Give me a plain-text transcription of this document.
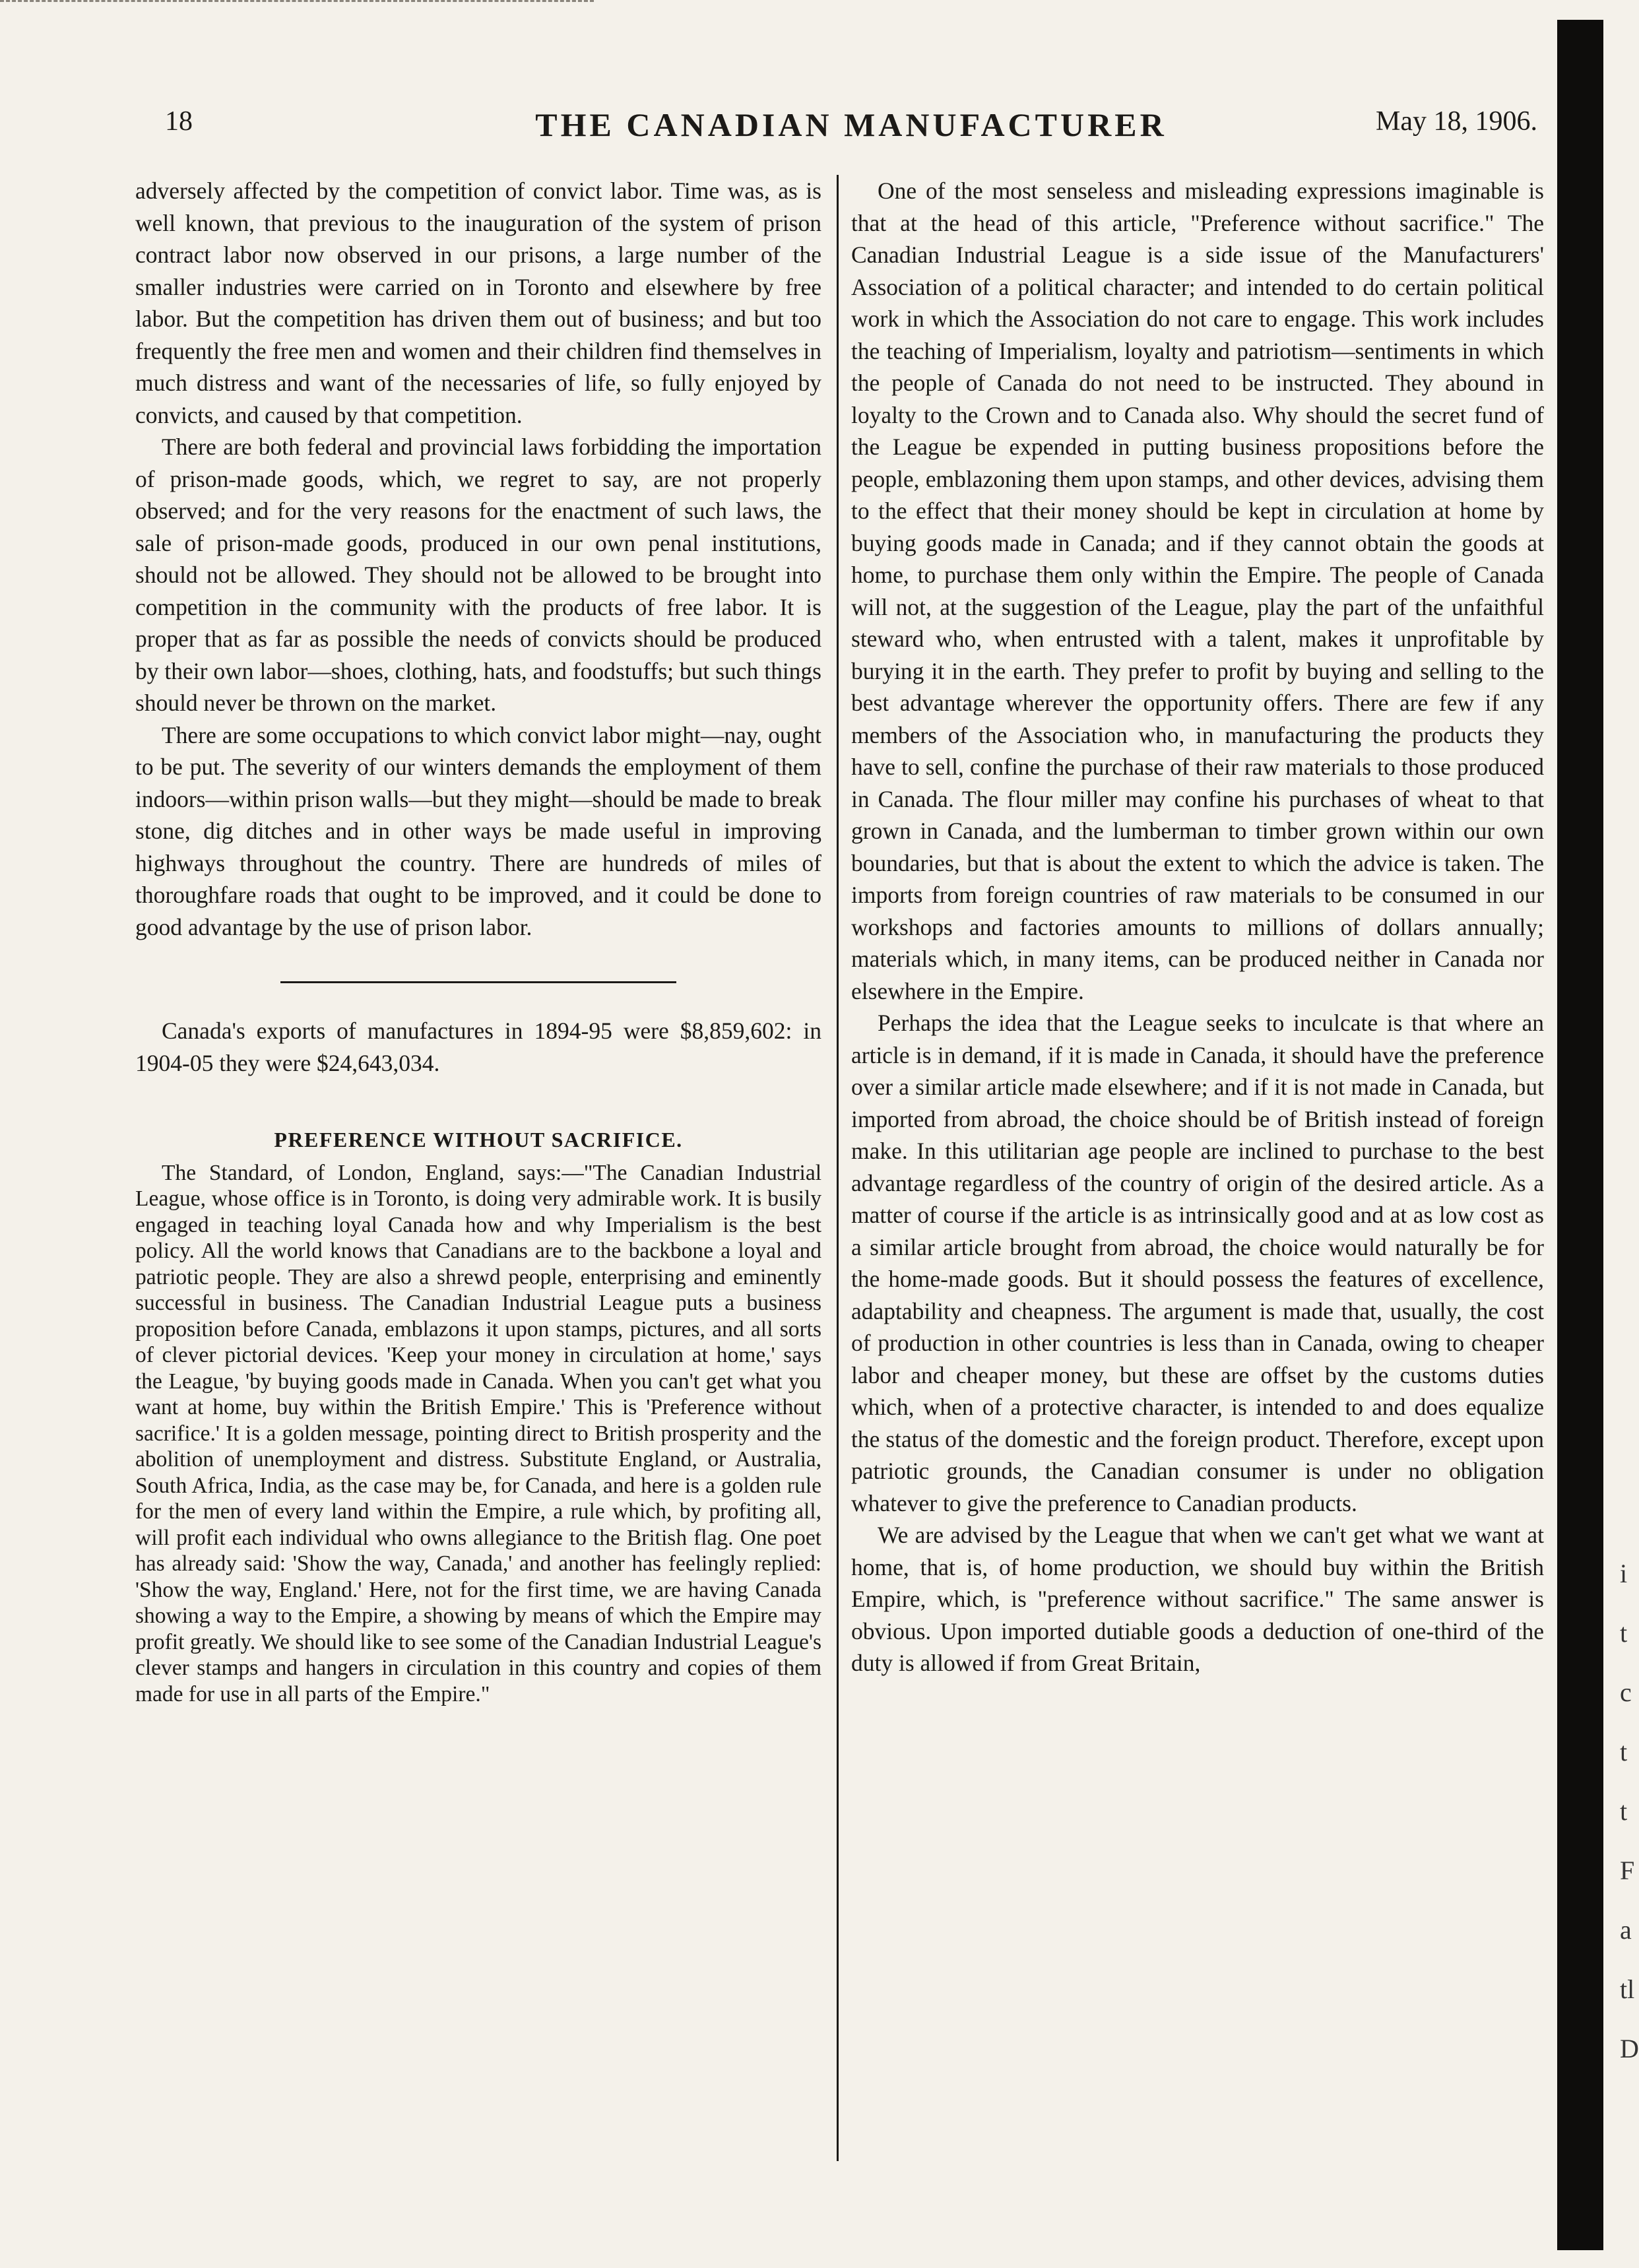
18	THE CANADIAN MANUFACTURER	May 18, 1906.

adversely affected by the competition of convict labor. Time was, as is well known, that previous to the inauguration of the system of prison contract labor now observed in our prisons, a large number of the smaller industries were carried on in Toronto and elsewhere by free labor. But the competition has driven them out of business; and but too frequently the free men and women and their children find themselves in much distress and want of the necessaries of life, so fully enjoyed by convicts, and caused by that competition.

There are both federal and provincial laws forbidding the importation of prison-made goods, which, we regret to say, are not properly observed; and for the very reasons for the enactment of such laws, the sale of prison-made goods, produced in our own penal institutions, should not be allowed. They should not be allowed to be brought into competition in the community with the products of free labor. It is proper that as far as possible the needs of convicts should be produced by their own labor—shoes, clothing, hats, and foodstuffs; but such things should never be thrown on the market.

There are some occupations to which convict labor might—nay, ought to be put. The severity of our winters demands the employment of them indoors—within prison walls—but they might—should be made to break stone, dig ditches and in other ways be made useful in improving highways throughout the country. There are hundreds of miles of thoroughfare roads that ought to be improved, and it could be done to good advantage by the use of prison labor.

Canada's exports of manufactures in 1894-95 were $8,859,602: in 1904-05 they were $24,643,034.

PREFERENCE WITHOUT SACRIFICE.

The Standard, of London, England, says:—"The Canadian Industrial League, whose office is in Toronto, is doing very admirable work. It is busily engaged in teaching loyal Canada how and why Imperialism is the best policy. All the world knows that Canadians are to the backbone a loyal and patriotic people. They are also a shrewd people, enterprising and eminently successful in business. The Canadian Industrial League puts a business proposition before Canada, emblazons it upon stamps, pictures, and all sorts of clever pictorial devices. 'Keep your money in circulation at home,' says the League, 'by buying goods made in Canada. When you can't get what you want at home, buy within the British Empire.' This is 'Preference without sacrifice.' It is a golden message, pointing direct to British prosperity and the abolition of unemployment and distress. Substitute England, or Australia, South Africa, India, as the case may be, for Canada, and here is a golden rule for the men of every land within the Empire, a rule which, by profiting all, will profit each individual who owns allegiance to the British flag. One poet has already said: 'Show the way, Canada,' and another has feelingly replied: 'Show the way, England.' Here, not for the first time, we are having Canada showing a way to the Empire, a showing by means of which the Empire may profit greatly. We should like to see some of the Canadian Industrial League's clever stamps and hangers in circulation in this country and copies of them made for use in all parts of the Empire."

One of the most senseless and misleading expressions imaginable is that at the head of this article, "Preference without sacrifice." The Canadian Industrial League is a side issue of the Manufacturers' Association of a political character; and intended to do certain political work in which the Association do not care to engage. This work includes the teaching of Imperialism, loyalty and patriotism—sentiments in which the people of Canada do not need to be instructed. They abound in loyalty to the Crown and to Canada also. Why should the secret fund of the League be expended in putting business propositions before the people, emblazoning them upon stamps, and other devices, advising them to the effect that their money should be kept in circulation at home by buying goods made in Canada; and if they cannot obtain the goods at home, to purchase them only within the Empire. The people of Canada will not, at the suggestion of the League, play the part of the unfaithful steward who, when entrusted with a talent, makes it unprofitable by burying it in the earth. They prefer to profit by buying and selling to the best advantage wherever the opportunity offers. There are few if any members of the Association who, in manufacturing the products they have to sell, confine the purchase of their raw materials to those produced in Canada. The flour miller may confine his purchases of wheat to that grown in Canada, and the lumberman to timber grown within our own boundaries, but that is about the extent to which the advice is taken. The imports from foreign countries of raw materials to be consumed in our workshops and factories amounts to millions of dollars annually; materials which, in many items, can be produced neither in Canada nor elsewhere in the Empire.

Perhaps the idea that the League seeks to inculcate is that where an article is in demand, if it is made in Canada, it should have the preference over a similar article made elsewhere; and if it is not made in Canada, but imported from abroad, the choice should be of British instead of foreign make. In this utilitarian age people are inclined to purchase to the best advantage regardless of the country of origin of the desired article. As a matter of course if the article is as intrinsically good and at as low cost as a similar article brought from abroad, the choice would naturally be for the home-made goods. But it should possess the features of excellence, adaptability and cheapness. The argument is made that, usually, the cost of production in other countries is less than in Canada, owing to cheaper labor and cheaper money, but these are offset by the customs duties which, when of a protective character, is intended to and does equalize the status of the domestic and the foreign product. Therefore, except upon patriotic grounds, the Canadian consumer is under no obligation whatever to give the preference to Canadian products.

We are advised by the League that when we can't get what we want at home, that is, of home production, we should buy within the British Empire, which, is "preference without sacrifice." The same answer is obvious. Upon imported dutiable goods a deduction of one-third of the duty is allowed if from Great Britain,

i
t
c
t
t
F
a
tl
D
